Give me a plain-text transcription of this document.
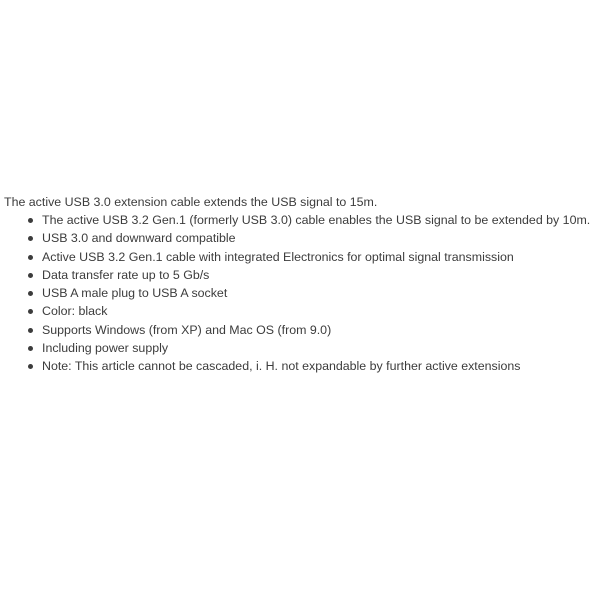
The active USB 3.0 extension cable extends the USB signal to 15m.

The active USB 3.2 Gen.1 (formerly USB 3.0) cable enables the USB signal to be extended by 10m.
USB 3.0 and downward compatible
Active USB 3.2 Gen.1 cable with integrated Electronics for optimal signal transmission
Data transfer rate up to 5 Gb/s
USB A male plug to USB A socket
Color: black
Supports Windows (from XP) and Mac OS (from 9.0)
Including power supply
Note: This article cannot be cascaded, i. H. not expandable by further active extensions
